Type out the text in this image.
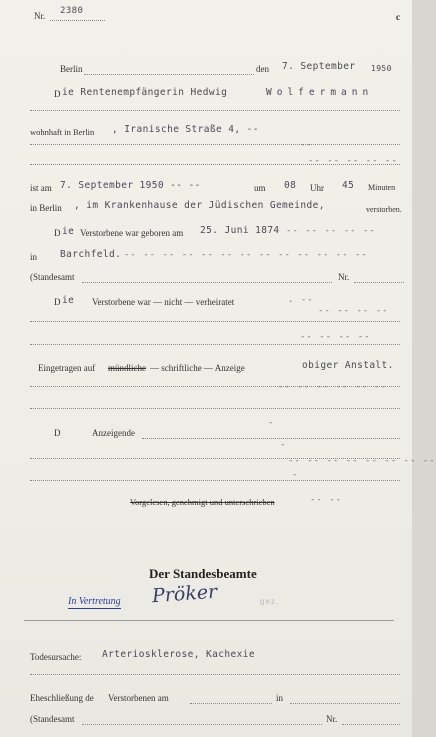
Nr. 2380
c
Berlin	den 7. September 1950
D ie Rentenempfängerin Hedwig	Wolfermann
wohnhaft in Berlin , Iranische Straße 4, --
--
-- -- -- -- --
ist am 7. September 1950 -- --	um 08 Uhr 45 Minuten
in Berlin , im Krankenhause der Jüdischen Gemeinde,	verstorben.
D ie Verstorbene war geboren am 25. Juni 1874 -- -- -- -- --
in Barchfeld. -- -- -- -- -- -- -- -- -- -- -- -- --
(Standesamt	Nr.
D ie Verstorbene war — nicht — verheiratet	. --
-- -- -- --
-- -- -- --
Eingetragen auf mündliche — schriftliche — Anzeige	obiger Anstalt.
-- -- -- -- -- --
D	Anzeigende
-
-
-- -- -- -- -- -- -- --
-
Vorgelesen, genehmigt und unterschrieben	-- --
Der Standesbeamte
In Vertretung Pröker	gez.
Todesursache: Arteriosklerose, Kachexie
Eheschließung de Verstorbenen am	in
(Standesamt	Nr.
